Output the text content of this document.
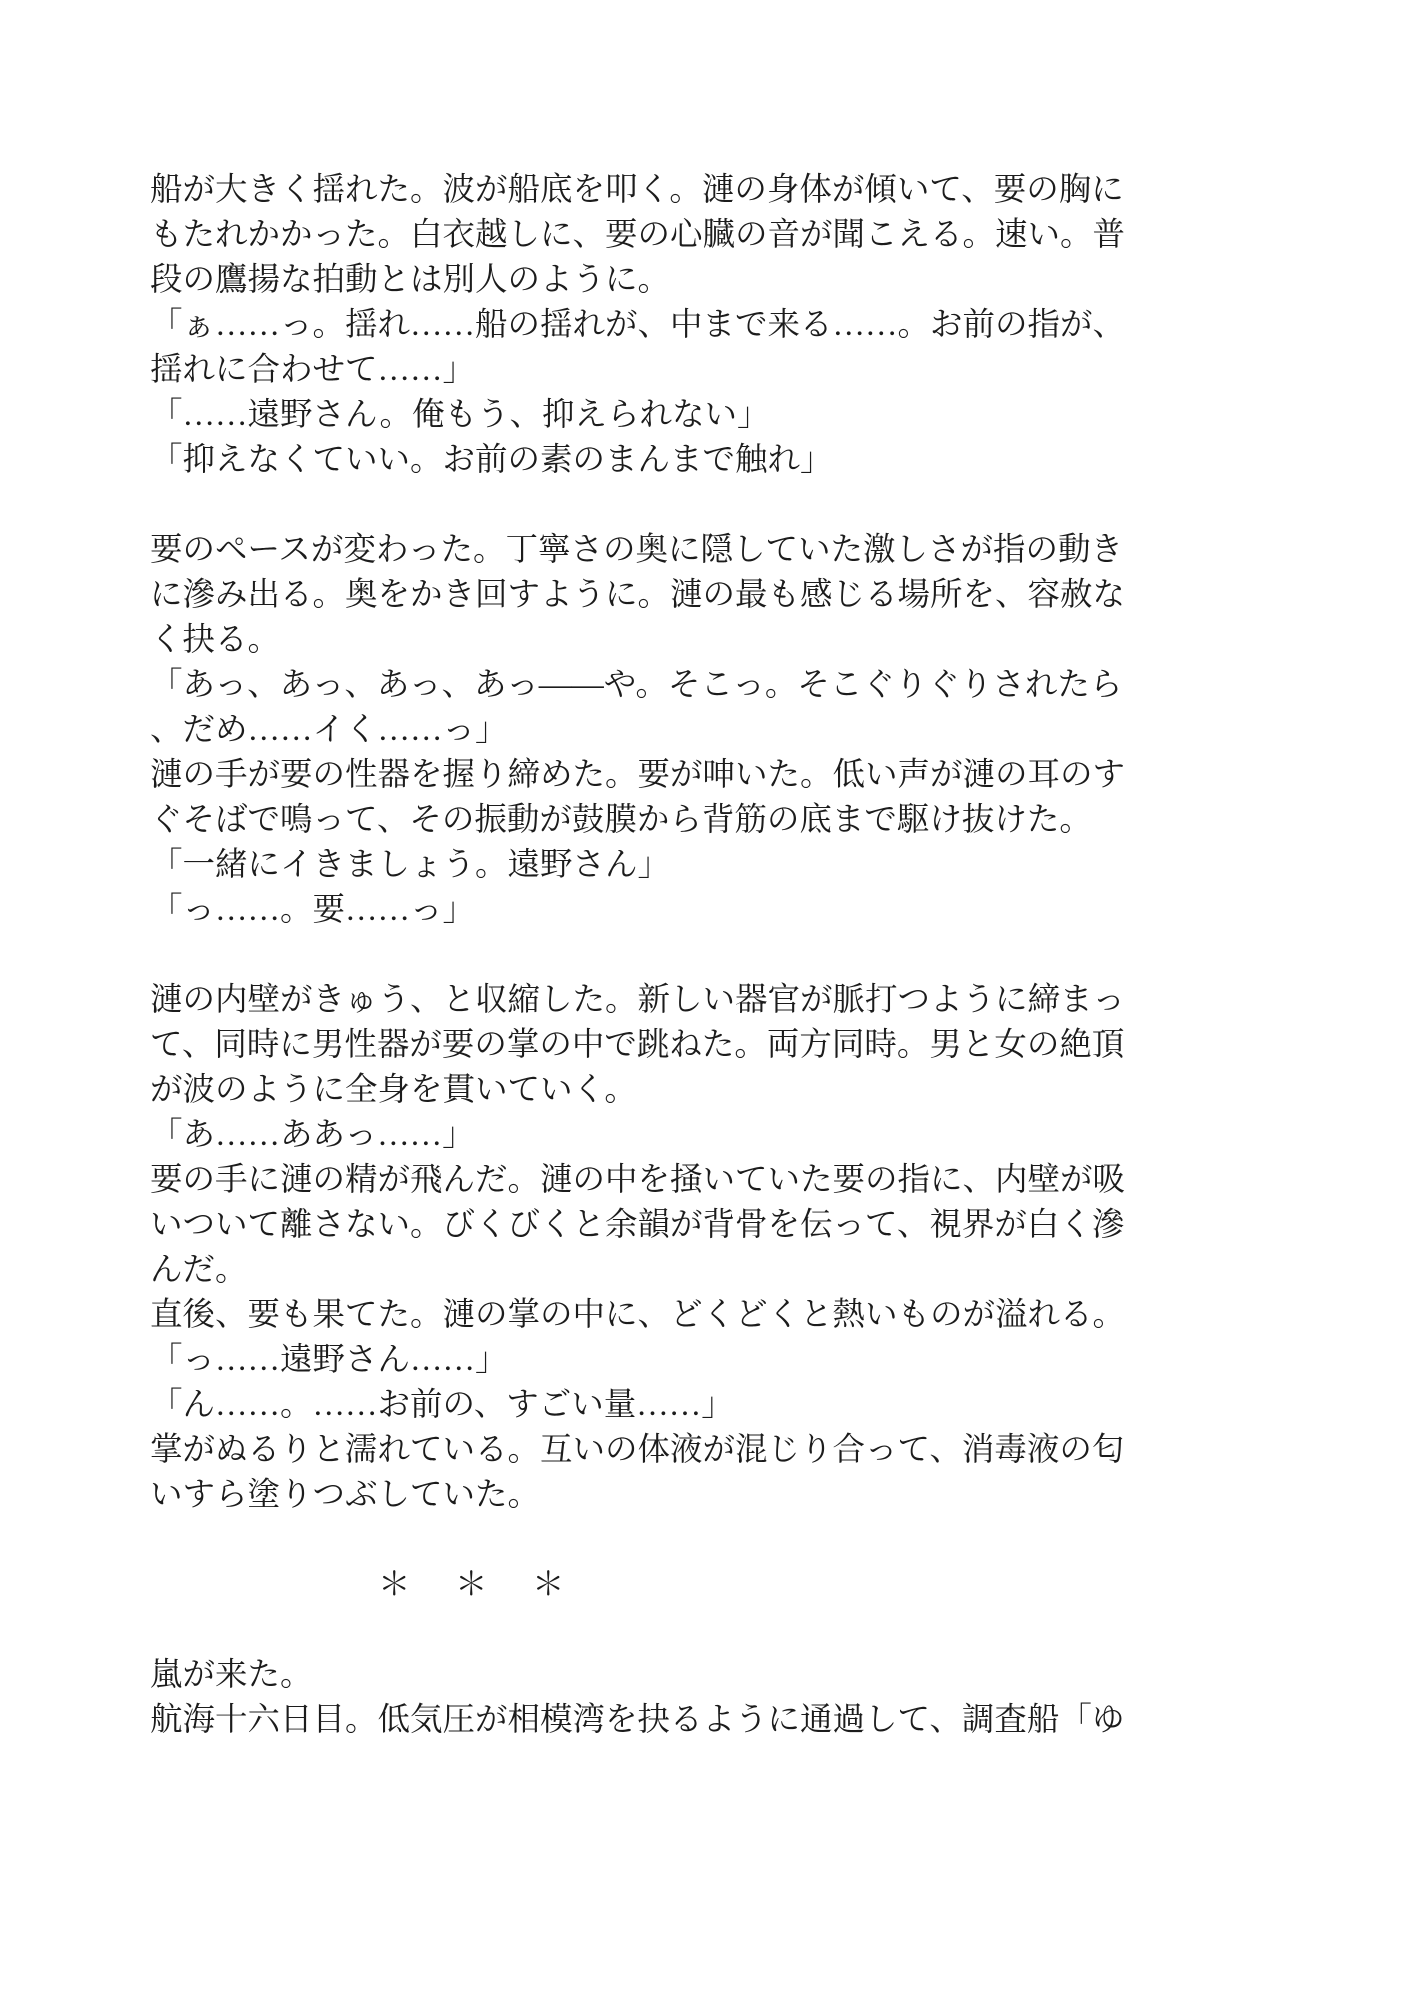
船が大きく揺れた。波が船底を叩く。漣の身体が傾いて、要の胸に
もたれかかった。白衣越しに、要の心臓の音が聞こえる。速い。普
段の鷹揚な拍動とは別人のように。
「ぁ……っ。揺れ……船の揺れが、中まで来る……。お前の指が、
揺れに合わせて……」
「……遠野さん。俺もう、抑えられない」
「抑えなくていい。お前の素のまんまで触れ」
要のペースが変わった。丁寧さの奥に隠していた激しさが指の動き
に滲み出る。奥をかき回すように。漣の最も感じる場所を、容赦な
く抉る。
「あっ、あっ、あっ、あっ——や。そこっ。そこぐりぐりされたら
、だめ……イく……っ」
漣の手が要の性器を握り締めた。要が呻いた。低い声が漣の耳のす
ぐそばで鳴って、その振動が鼓膜から背筋の底まで駆け抜けた。
「一緒にイきましょう。遠野さん」
「っ……。要……っ」
漣の内壁がきゅう、と収縮した。新しい器官が脈打つように締まっ
て、同時に男性器が要の掌の中で跳ねた。両方同時。男と女の絶頂
が波のように全身を貫いていく。
「あ……ああっ……」
要の手に漣の精が飛んだ。漣の中を掻いていた要の指に、内壁が吸
いついて離さない。びくびくと余韻が背骨を伝って、視界が白く滲
んだ。
直後、要も果てた。漣の掌の中に、どくどくと熱いものが溢れる。
「っ……遠野さん……」
「ん……。……お前の、すごい量……」
掌がぬるりと濡れている。互いの体液が混じり合って、消毒液の匂
いすら塗りつぶしていた。
＊　＊　＊
嵐が来た。
航海十六日目。低気圧が相模湾を抉るように通過して、調査船「ゆ
